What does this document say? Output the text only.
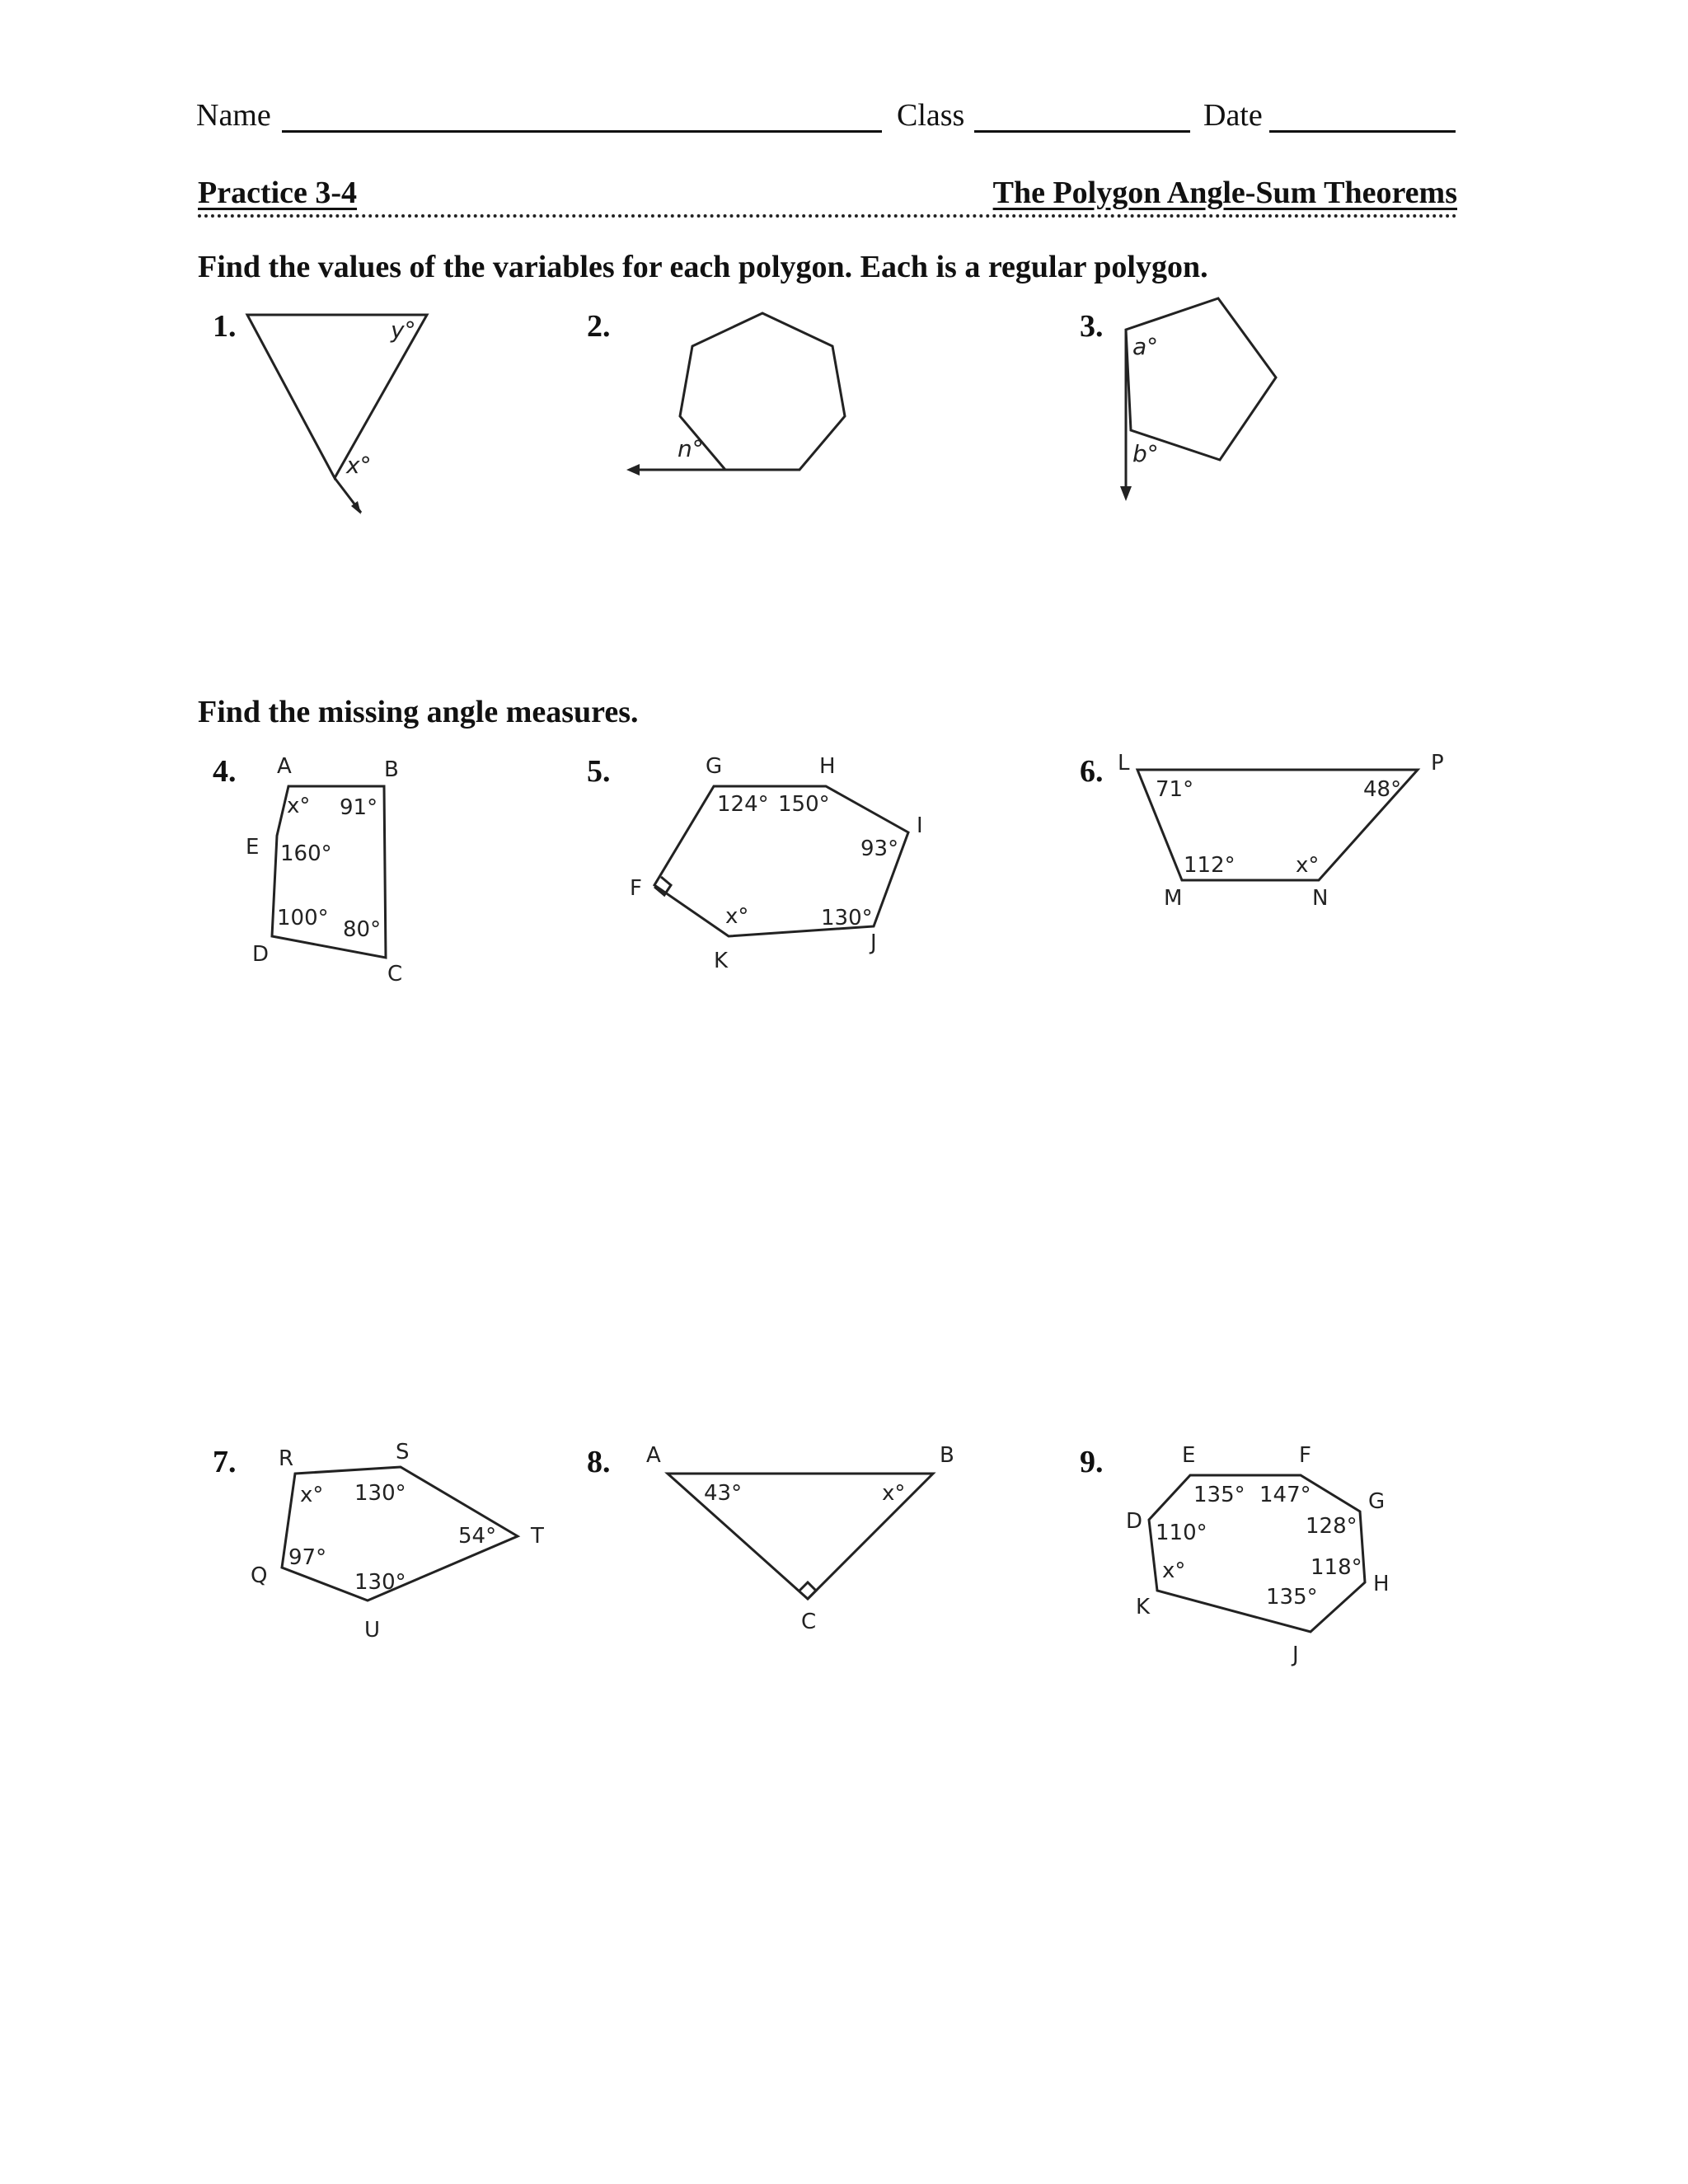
Name	Class	Date
Practice 3-4	The Polygon Angle-Sum Theorems
Find the values of the variables for each polygon. Each is a regular polygon.
1.	y°
x°
2.
n°
3.
a°
b°
Find the missing angle measures.
4. A	B
C
D
E
x° 91°
160°
100° 80°
5.	G	H
I
J
K
F
124° 150°
93°
130°
x°
6. L	P
M	N
71°	48°
112°	x°
7. R	S
T
U
Q
x° 130°
54°
97°
130°
8. A	B
C
43°	x°
9.	E	F
G
H
J
K
D
135° 147°
128°
110°
118°
135°
x°
